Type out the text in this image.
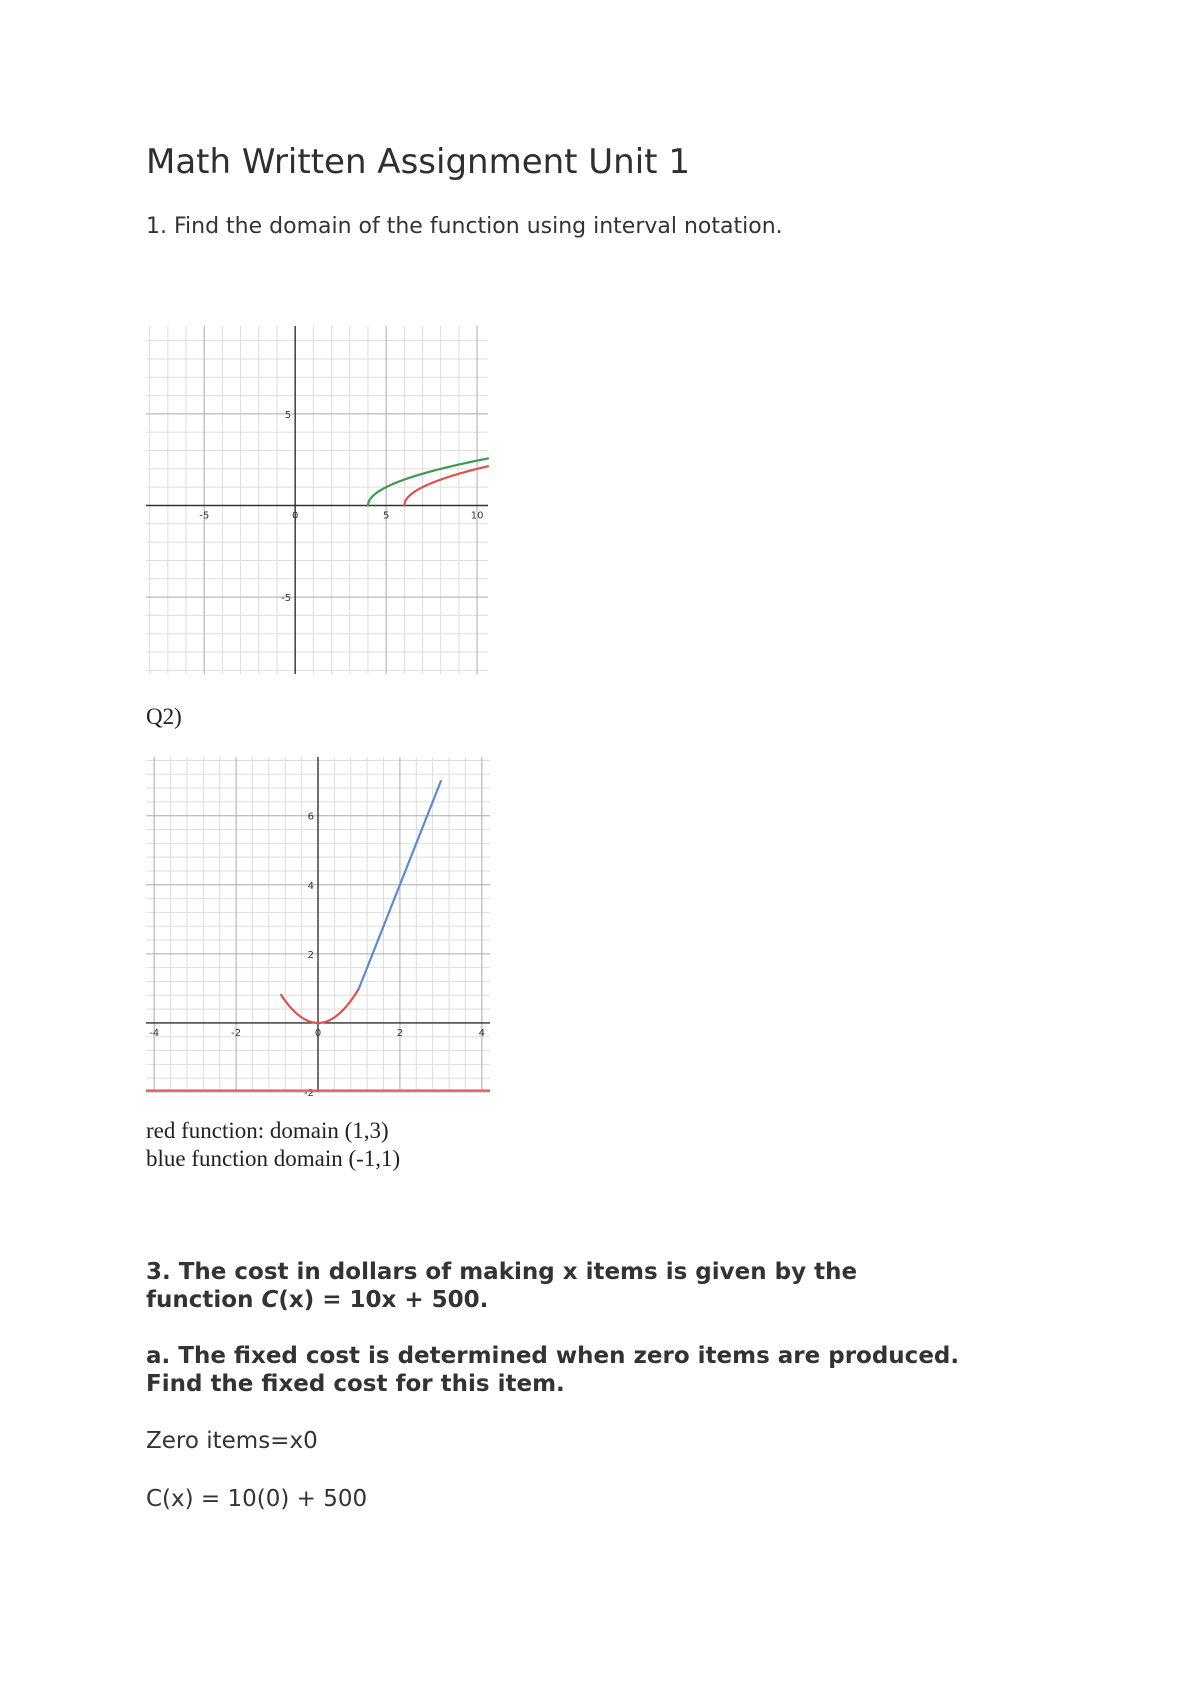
Math Written Assignment Unit 1
1. Find the domain of the function using interval notation.
-5	0	5	10
5
-5
Q2)
-4	-2	0	2	4
6
4
2
-2
red function: domain (1,3)
blue function domain (-1,1)
3. The cost in dollars of making x items is given by the
function C(x) = 10x + 500.
a. The fixed cost is determined when zero items are produced.
Find the fixed cost for this item.
Zero items=x0
C(x) = 10(0) + 500
